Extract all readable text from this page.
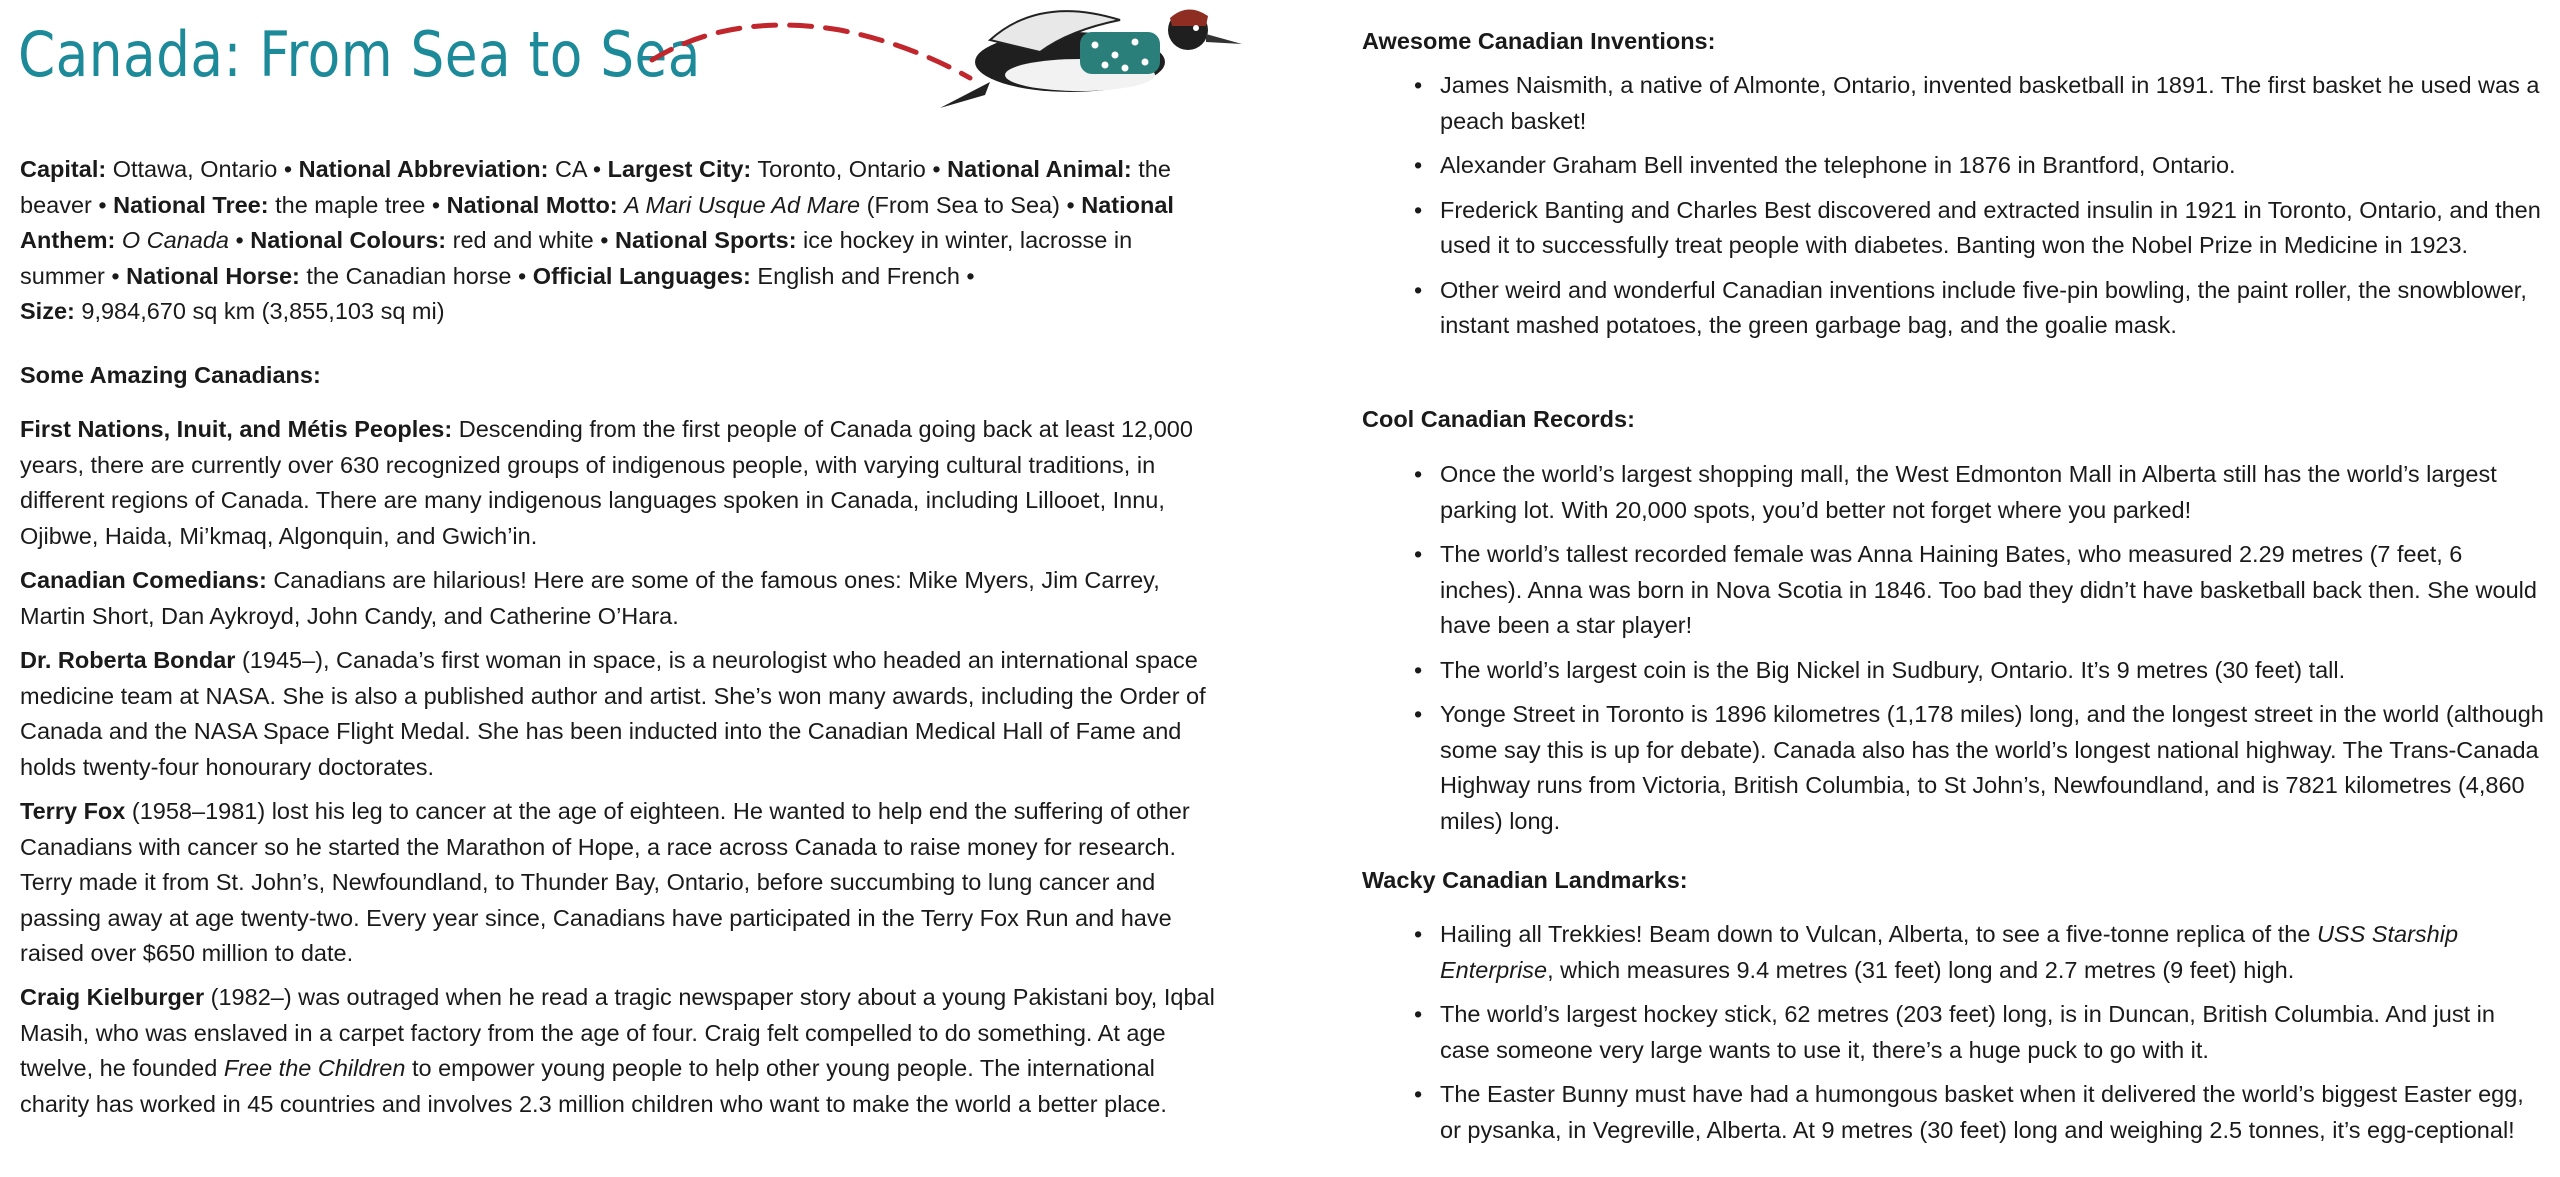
Canada: From Sea to Sea

Capital: Ottawa, Ontario • National Abbreviation: CA • Largest City: Toronto, Ontario • National Animal: the beaver • National Tree: the maple tree • National Motto: A Mari Usque Ad Mare (From Sea to Sea) • National Anthem: O Canada • National Colours: red and white • National Sports: ice hockey in winter, lacrosse in summer • National Horse: the Canadian horse • Official Languages: English and French •
Size: 9,984,670 sq km (3,855,103 sq mi)

Some Amazing Canadians:

First Nations, Inuit, and Métis Peoples: Descending from the first people of Canada going back at least 12,000 years, there are currently over 630 recognized groups of indigenous people, with varying cultural traditions, in different regions of Canada. There are many indigenous languages spoken in Canada, including Lillooet, Innu, Ojibwe, Haida, Mi’kmaq, Algonquin, and Gwich’in.

Canadian Comedians: Canadians are hilarious! Here are some of the famous ones: Mike Myers, Jim Carrey, Martin Short, Dan Aykroyd, John Candy, and Catherine O’Hara.

Dr. Roberta Bondar (1945–), Canada’s first woman in space, is a neurologist who headed an international space medicine team at NASA. She is also a published author and artist. She’s won many awards, including the Order of Canada and the NASA Space Flight Medal. She has been inducted into the Canadian Medical Hall of Fame and holds twenty-four honourary doctorates.

Terry Fox (1958–1981) lost his leg to cancer at the age of eighteen. He wanted to help end the suffering of other Canadians with cancer so he started the Marathon of Hope, a race across Canada to raise money for research. Terry made it from St. John’s, Newfoundland, to Thunder Bay, Ontario, before succumbing to lung cancer and passing away at age twenty-two. Every year since, Canadians have participated in the Terry Fox Run and have raised over $650 million to date.

Craig Kielburger (1982–) was outraged when he read a tragic newspaper story about a young Pakistani boy, Iqbal Masih, who was enslaved in a carpet factory from the age of four. Craig felt compelled to do something. At age twelve, he founded Free the Children to empower young people to help other young people. The international charity has worked in 45 countries and involves 2.3 million children who want to make the world a better place.

Awesome Canadian Inventions:

• James Naismith, a native of Almonte, Ontario, invented basketball in 1891. The first basket he used was a peach basket!
• Alexander Graham Bell invented the telephone in 1876 in Brantford, Ontario.
• Frederick Banting and Charles Best discovered and extracted insulin in 1921 in Toronto, Ontario, and then used it to successfully treat people with diabetes. Banting won the Nobel Prize in Medicine in 1923.
• Other weird and wonderful Canadian inventions include five-pin bowling, the paint roller, the snowblower, instant mashed potatoes, the green garbage bag, and the goalie mask.

Cool Canadian Records:

• Once the world’s largest shopping mall, the West Edmonton Mall in Alberta still has the world’s largest parking lot. With 20,000 spots, you’d better not forget where you parked!
• The world’s tallest recorded female was Anna Haining Bates, who measured 2.29 metres (7 feet, 6 inches). Anna was born in Nova Scotia in 1846. Too bad they didn’t have basketball back then. She would have been a star player!
• The world’s largest coin is the Big Nickel in Sudbury, Ontario. It’s 9 metres (30 feet) tall.
• Yonge Street in Toronto is 1896 kilometres (1,178 miles) long, and the longest street in the world (although some say this is up for debate). Canada also has the world’s longest national highway. The Trans-Canada Highway runs from Victoria, British Columbia, to St John’s, Newfoundland, and is 7821 kilometres (4,860 miles) long.

Wacky Canadian Landmarks:

• Hailing all Trekkies! Beam down to Vulcan, Alberta, to see a five-tonne replica of the USS Starship Enterprise, which measures 9.4 metres (31 feet) long and 2.7 metres (9 feet) high.
• The world’s largest hockey stick, 62 metres (203 feet) long, is in Duncan, British Columbia. And just in case someone very large wants to use it, there’s a huge puck to go with it.
• The Easter Bunny must have had a humongous basket when it delivered the world’s biggest Easter egg, or pysanka, in Vegreville, Alberta. At 9 metres (30 feet) long and weighing 2.5 tonnes, it’s egg-ceptional!
